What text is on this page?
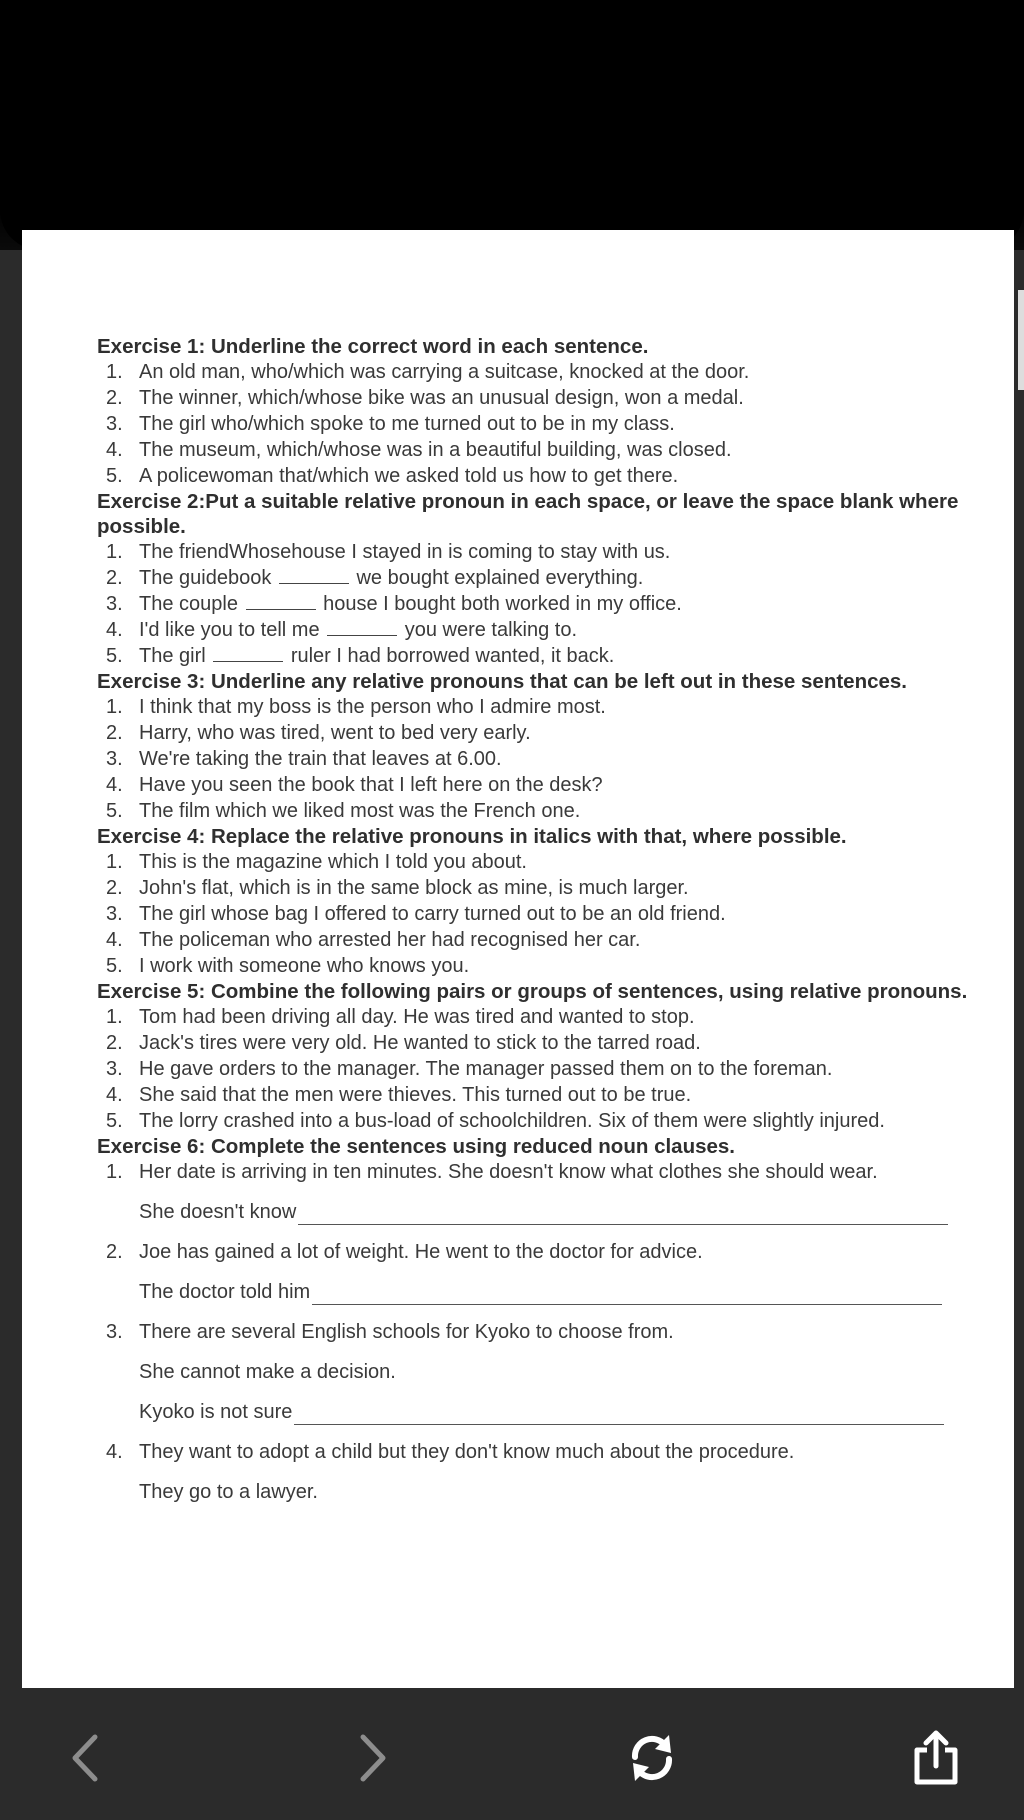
Exercise 1: Underline the correct word in each sentence.
1. An old man, who/which was carrying a suitcase, knocked at the door.
2. The winner, which/whose bike was an unusual design, won a medal.
3. The girl who/which spoke to me turned out to be in my class.
4. The museum, which/whose was in a beautiful building, was closed.
5. A policewoman that/which we asked told us how to get there.
Exercise 2:Put a suitable relative pronoun in each space, or leave the space blank where possible.
1. The friendWhosehouse I stayed in is coming to stay with us.
2. The guidebook	we bought explained everything.
3. The couple	house I bought both worked in my office.
4. I'd like you to tell me	you were talking to.
5. The girl	ruler I had borrowed wanted, it back.
Exercise 3: Underline any relative pronouns that can be left out in these sentences.
1. I think that my boss is the person who I admire most.
2. Harry, who was tired, went to bed very early.
3. We're taking the train that leaves at 6.00.
4. Have you seen the book that I left here on the desk?
5. The film which we liked most was the French one.
Exercise 4: Replace the relative pronouns in italics with that, where possible.
1. This is the magazine which I told you about.
2. John's flat, which is in the same block as mine, is much larger.
3. The girl whose bag I offered to carry turned out to be an old friend.
4. The policeman who arrested her had recognised her car.
5. I work with someone who knows you.
Exercise 5: Combine the following pairs or groups of sentences, using relative pronouns.
1. Tom had been driving all day. He was tired and wanted to stop.
2. Jack's tires were very old. He wanted to stick to the tarred road.
3. He gave orders to the manager. The manager passed them on to the foreman.
4. She said that the men were thieves. This turned out to be true.
5. The lorry crashed into a bus-load of schoolchildren. Six of them were slightly injured.
Exercise 6: Complete the sentences using reduced noun clauses.
1. Her date is arriving in ten minutes. She doesn't know what clothes she should wear.
She doesn't know
2. Joe has gained a lot of weight. He went to the doctor for advice.
The doctor told him
3. There are several English schools for Kyoko to choose from.
She cannot make a decision.
Kyoko is not sure
4. They want to adopt a child but they don't know much about the procedure.
They go to a lawyer.
